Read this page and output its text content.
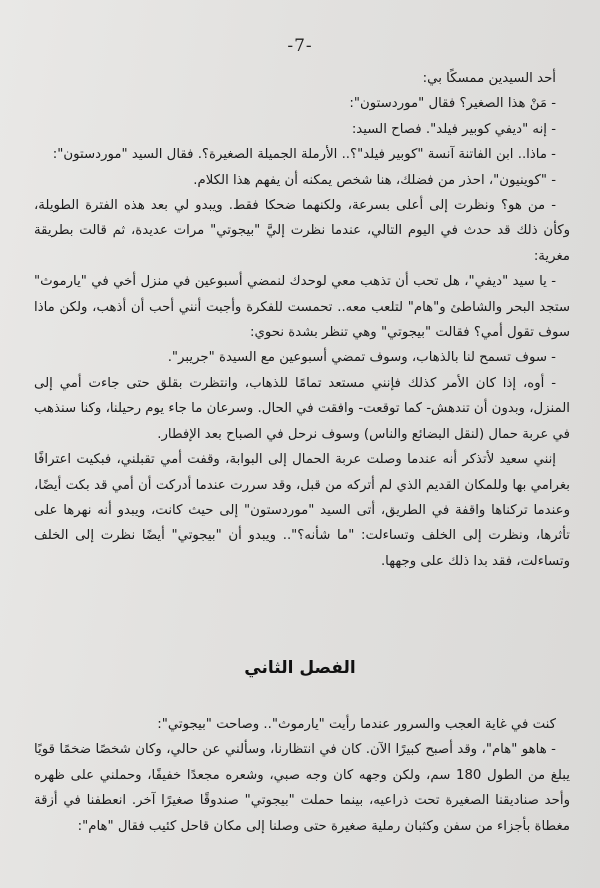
-7-

أحد السيدين ممسكًا بي:

- مَنْ هذا الصغير؟ فقال "موردستون":

- إنه "ديفي كوبير فيلد". فصاح السيد:

- ماذا.. ابن الفاتنة آنسة "كوبير فيلد"؟.. الأرملة الجميلة الصغيرة؟. فقال السيد "موردستون":

- "كوينيون"، احذر من فضلك، هنا شخص يمكنه أن يفهم هذا الكلام.

- من هو؟ ونظرت إلى أعلى بسرعة، ولكنهما ضحكا فقط. ويبدو لي بعد هذه الفترة الطويلة، وكأن ذلك قد حدث في اليوم التالي، عندما نظرت إليَّ "بيجوتي" مرات عديدة، ثم قالت بطريقة مغرية:

- يا سيد "ديفي"، هل تحب أن تذهب معي لوحدك لنمضي أسبوعين في منزل أخي في "يارموث" ستجد البحر والشاطئ و"هام" لتلعب معه.. تحمست للفكرة وأجبت أنني أحب أن أذهب، ولكن ماذا سوف تقول أمي؟ فقالت "بيجوتي" وهي تنظر بشدة نحوي:

- سوف تسمح لنا بالذهاب، وسوف تمضي أسبوعين مع السيدة "جريبر".

- أوه، إذا كان الأمر كذلك فإنني مستعد تمامًا للذهاب، وانتظرت بقلق حتى جاءت أمي إلى المنزل، وبدون أن تندهش- كما توقعت- وافقت في الحال. وسرعان ما جاء يوم رحيلنا، وكنا سنذهب في عربة حمال (لنقل البضائع والناس) وسوف نرحل في الصباح بعد الإفطار.

إنني سعيد لأتذكر أنه عندما وصلت عربة الحمال إلى البوابة، وقفت أمي تقبلني، فبكيت اعترافًا بغرامي بها وللمكان القديم الذي لم أتركه من قبل، وقد سررت عندما أدركت أن أمي قد بكت أيضًا، وعندما تركناها واقفة في الطريق، أتى السيد "موردستون" إلى حيث كانت، ويبدو أنه نهرها على تأثرها، ونظرت إلى الخلف وتساءلت: "ما شأنه؟".. ويبدو أن "بيجوتي" أيضًا نظرت إلى الخلف وتساءلت، فقد بدا ذلك على وجهها.

الفصل الثاني

كنت في غاية العجب والسرور عندما رأيت "يارموث".. وصاحت "بيجوتي":

- هاهو "هام"، وقد أصبح كبيرًا الآن. كان في انتظارنا، وسألني عن حالي، وكان شخصًا ضخمًا قويًا يبلغ من الطول 180 سم، ولكن وجهه كان وجه صبي، وشعره مجعدًا خفيفًا، وحملني على ظهره وأحد صناديقنا الصغيرة تحت ذراعيه، بينما حملت "بيجوتي" صندوقًا صغيرًا آخر. انعطفنا في أزقة مغطاة بأجزاء من سفن وكثبان رملية صغيرة حتى وصلنا إلى مكان قاحل كئيب فقال "هام":
